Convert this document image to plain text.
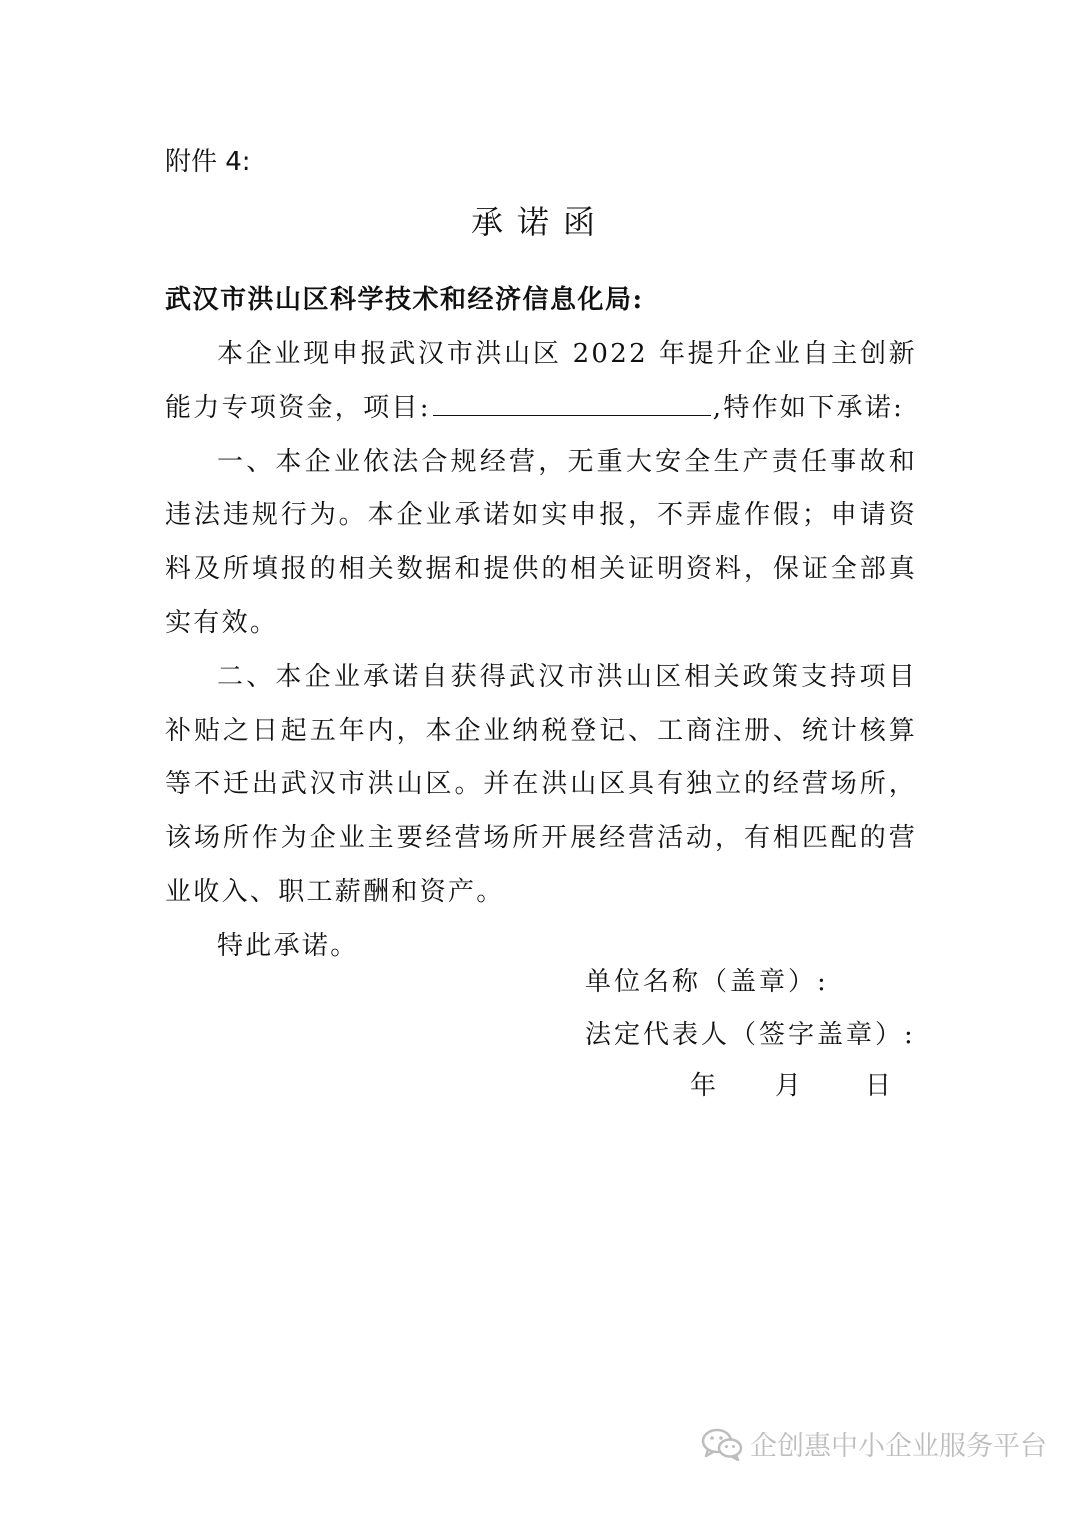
附件 4:
承诺函

武汉市洪山区科学技术和经济信息化局:

本企业现申报武汉市洪山区 2022 年提升企业自主创新能力专项资金，项目:	,特作如下承诺:

一、本企业依法合规经营，无重大安全生产责任事故和违法违规行为。本企业承诺如实申报，不弄虚作假；申请资料及所填报的相关数据和提供的相关证明资料，保证全部真实有效。

二、本企业承诺自获得武汉市洪山区相关政策支持项目补贴之日起五年内，本企业纳税登记、工商注册、统计核算等不迁出武汉市洪山区。并在洪山区具有独立的经营场所，该场所作为企业主要经营场所开展经营活动，有相匹配的营业收入、职工薪酬和资产。

特此承诺。

单位名称（盖章）:

法定代表人（签字盖章）:

年 月 日
企创惠中小企业服务平台
